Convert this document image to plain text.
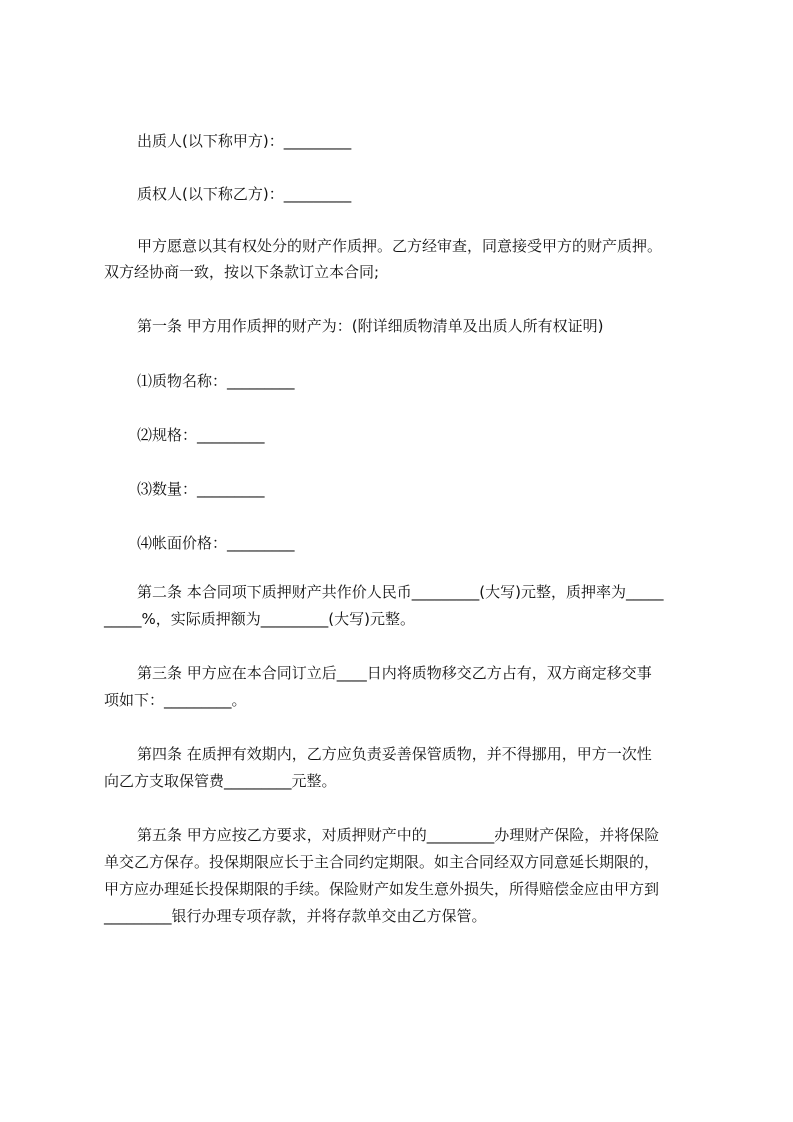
出质人(以下称甲方)：_________
质权人(以下称乙方)：_________
甲方愿意以其有权处分的财产作质押。乙方经审查，同意接受甲方的财产质押。
双方经协商一致，按以下条款订立本合同;
第一条 甲方用作质押的财产为：(附详细质物清单及出质人所有权证明)
⑴质物名称：_________
⑵规格：_________
⑶数量：_________
⑷帐面价格：_________
第二条 本合同项下质押财产共作价人民币_________(大写)元整，质押率为_____
_____%，实际质押额为_________(大写)元整。
第三条 甲方应在本合同订立后____日内将质物移交乙方占有，双方商定移交事
项如下：_________。
第四条 在质押有效期内，乙方应负责妥善保管质物，并不得挪用，甲方一次性
向乙方支取保管费_________元整。
第五条 甲方应按乙方要求，对质押财产中的_________办理财产保险，并将保险
单交乙方保存。投保期限应长于主合同约定期限。如主合同经双方同意延长期限的，
甲方应办理延长投保期限的手续。保险财产如发生意外损失，所得赔偿金应由甲方到
_________银行办理专项存款，并将存款单交由乙方保管。
